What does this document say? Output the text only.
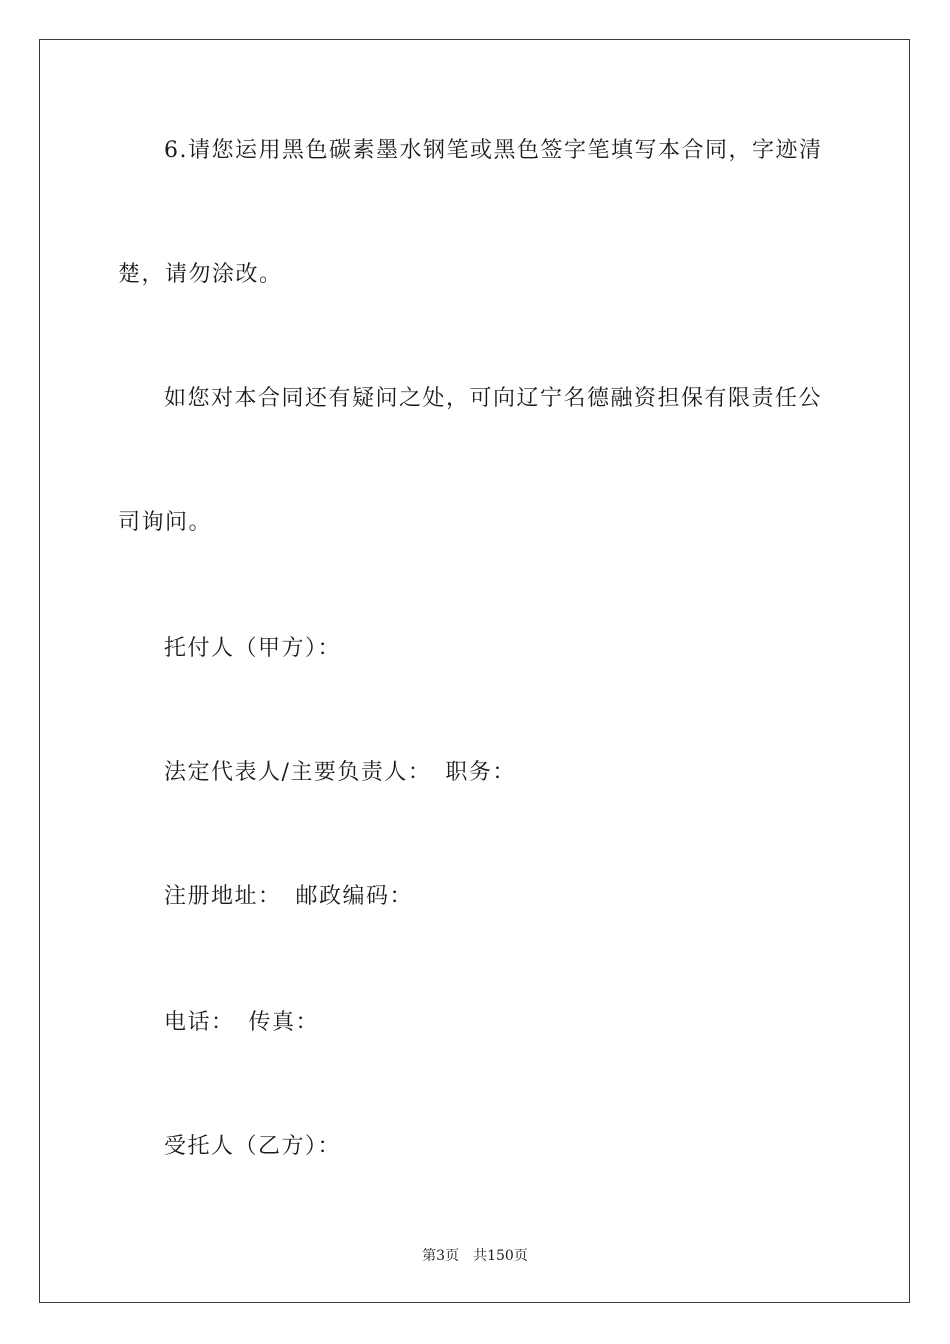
6.请您运用黑色碳素墨水钢笔或黑色签字笔填写本合同，字迹清
楚，请勿涂改。
如您对本合同还有疑问之处，可向辽宁名德融资担保有限责任公
司询问。
托付人（甲方）：
法定代表人/主要负责人： 职务：
注册地址： 邮政编码：
电话： 传真：
受托人（乙方）：
第3页 共150页
